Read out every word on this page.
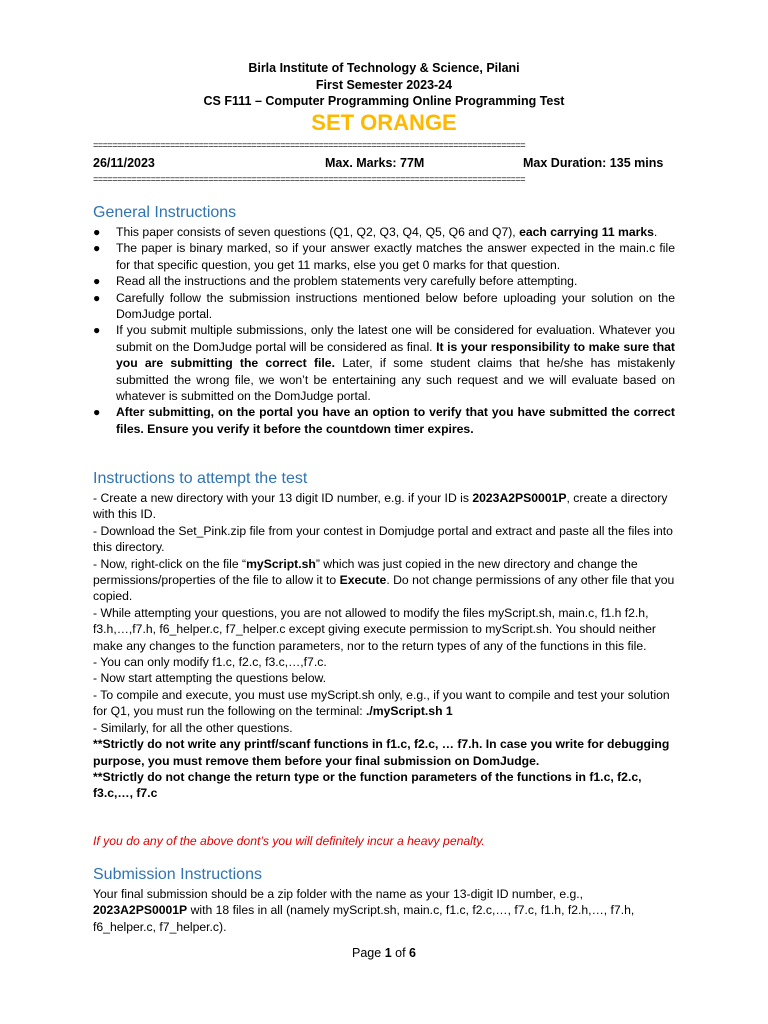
Birla Institute of Technology & Science, Pilani
First Semester 2023-24
CS F111 – Computer Programming Online Programming Test
SET ORANGE
==========================================================================================
26/11/2023	Max. Marks: 77M	Max Duration: 135 mins
==========================================================================================
General Instructions
● This paper consists of seven questions (Q1, Q2, Q3, Q4, Q5, Q6 and Q7), each carrying 11 marks.
● The paper is binary marked, so if your answer exactly matches the answer expected in the main.c file for that specific question, you get 11 marks, else you get 0 marks for that question.
● Read all the instructions and the problem statements very carefully before attempting.
● Carefully follow the submission instructions mentioned below before uploading your solution on the DomJudge portal.
● If you submit multiple submissions, only the latest one will be considered for evaluation. Whatever you submit on the DomJudge portal will be considered as final. It is your responsibility to make sure that you are submitting the correct file. Later, if some student claims that he/she has mistakenly submitted the wrong file, we won’t be entertaining any such request and we will evaluate based on whatever is submitted on the DomJudge portal.
● After submitting, on the portal you have an option to verify that you have submitted the correct files. Ensure you verify it before the countdown timer expires.
Instructions to attempt the test
- Create a new directory with your 13 digit ID number, e.g. if your ID is 2023A2PS0001P, create a directory with this ID.
- Download the Set_Pink.zip file from your contest in Domjudge portal and extract and paste all the files into this directory.
- Now, right-click on the file “myScript.sh” which was just copied in the new directory and change the permissions/properties of the file to allow it to Execute. Do not change permissions of any other file that you copied.
- While attempting your questions, you are not allowed to modify the files myScript.sh, main.c, f1.h f2.h, f3.h,…,f7.h, f6_helper.c, f7_helper.c except giving execute permission to myScript.sh. You should neither make any changes to the function parameters, nor to the return types of any of the functions in this file.
- You can only modify f1.c, f2.c, f3.c,…,f7.c.
- Now start attempting the questions below.
- To compile and execute, you must use myScript.sh only, e.g., if you want to compile and test your solution for Q1, you must run the following on the terminal: ./myScript.sh 1
- Similarly, for all the other questions.
**Strictly do not write any printf/scanf functions in f1.c, f2.c, … f7.h. In case you write for debugging purpose, you must remove them before your final submission on DomJudge.
**Strictly do not change the return type or the function parameters of the functions in f1.c, f2.c, f3.c,…, f7.c
If you do any of the above dont’s you will definitely incur a heavy penalty.
Submission Instructions
Your final submission should be a zip folder with the name as your 13-digit ID number, e.g., 2023A2PS0001P with 18 files in all (namely myScript.sh, main.c, f1.c, f2.c,…, f7.c, f1.h, f2.h,…, f7.h, f6_helper.c, f7_helper.c).
Page 1 of 6
